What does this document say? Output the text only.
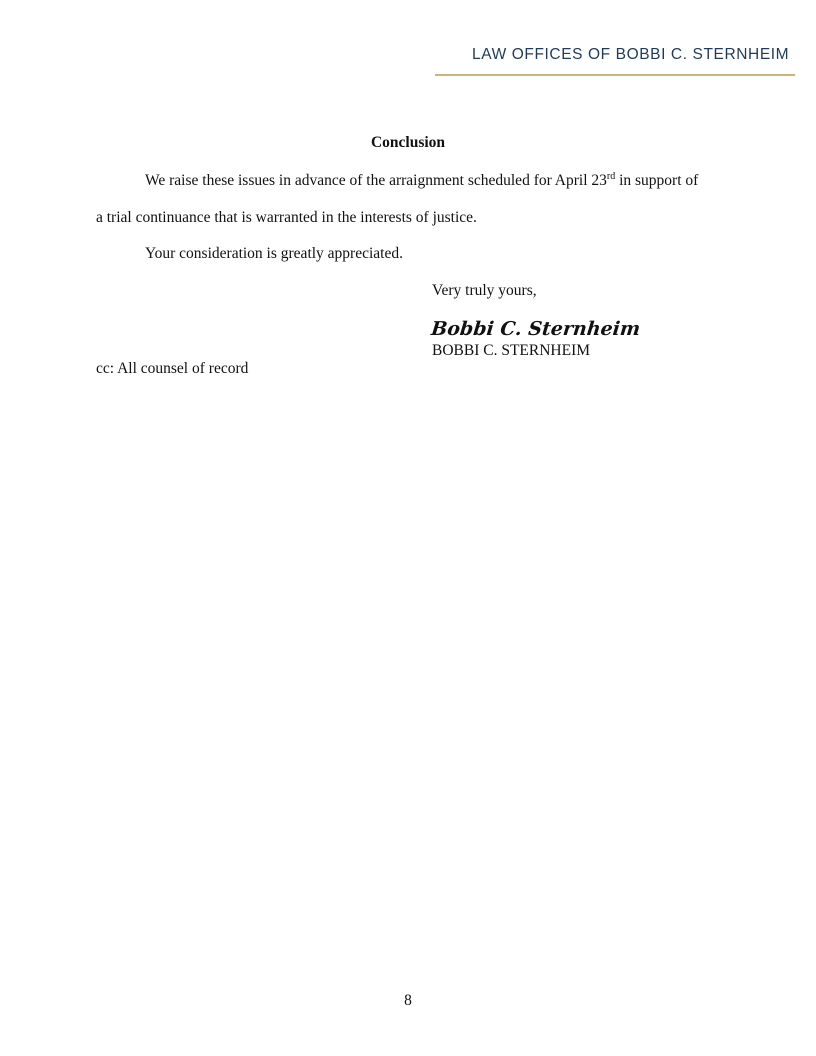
LAW OFFICES OF BOBBI C. STERNHEIM
Conclusion
We raise these issues in advance of the arraignment scheduled for April 23rd in support of
a trial continuance that is warranted in the interests of justice.
Your consideration is greatly appreciated.
Very truly yours,
Bobbi C. Sternheim
BOBBI C. STERNHEIM
cc: All counsel of record
8
